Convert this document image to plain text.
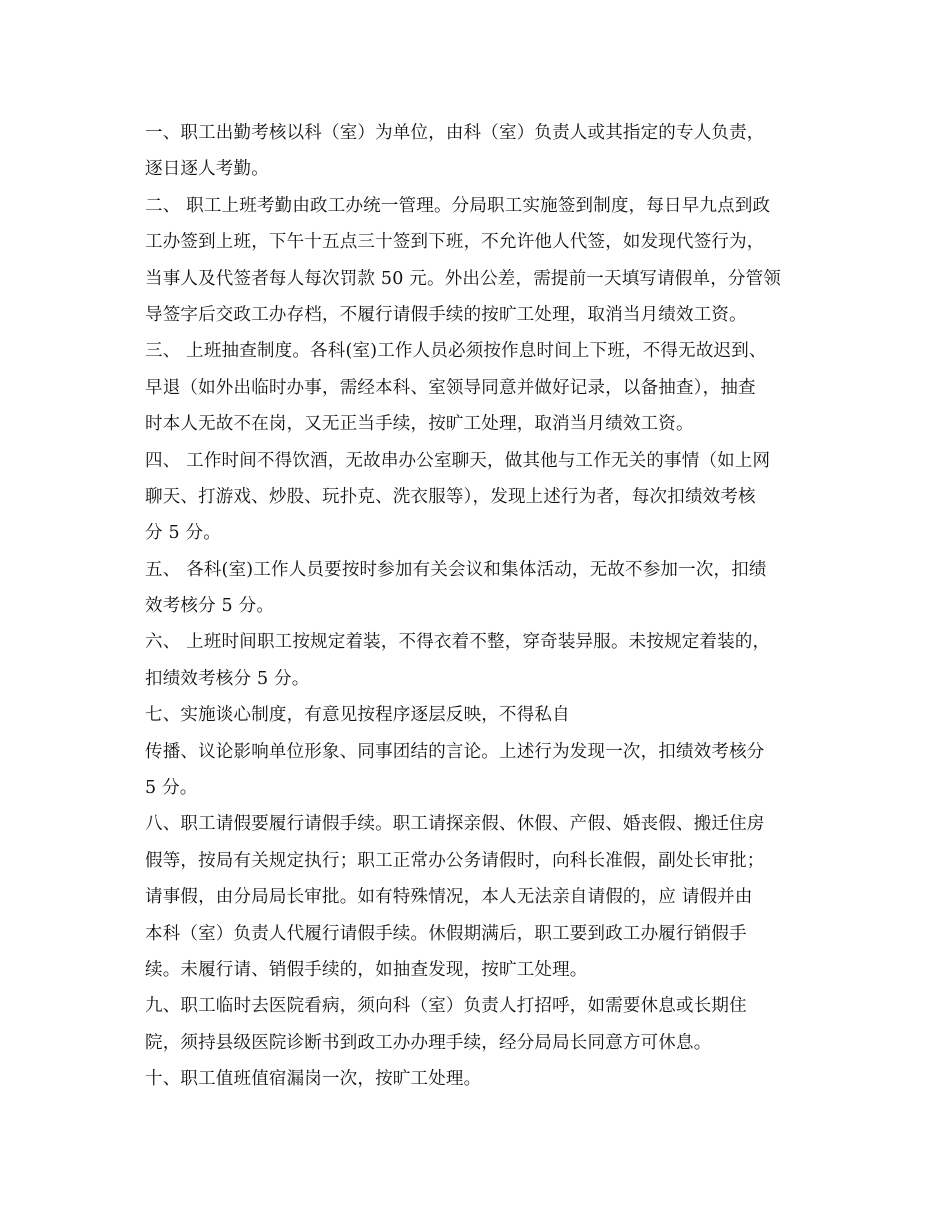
一、职工出勤考核以科（室）为单位，由科（室）负责人或其指定的专人负责，
逐日逐人考勤。
二、 职工上班考勤由政工办统一管理。分局职工实施签到制度，每日早九点到政
工办签到上班，下午十五点三十签到下班，不允许他人代签，如发现代签行为，
当事人及代签者每人每次罚款 50 元。外出公差，需提前一天填写请假单，分管领
导签字后交政工办存档，不履行请假手续的按旷工处理，取消当月绩效工资。
三、 上班抽查制度。各科(室)工作人员必须按作息时间上下班，不得无故迟到、
早退（如外出临时办事，需经本科、室领导同意并做好记录，以备抽查），抽查
时本人无故不在岗，又无正当手续，按旷工处理，取消当月绩效工资。
四、 工作时间不得饮酒，无故串办公室聊天，做其他与工作无关的事情（如上网
聊天、打游戏、炒股、玩扑克、洗衣服等），发现上述行为者，每次扣绩效考核
分 5 分。
五、 各科(室)工作人员要按时参加有关会议和集体活动，无故不参加一次，扣绩
效考核分 5 分。
六、 上班时间职工按规定着装，不得衣着不整，穿奇装异服。未按规定着装的，
扣绩效考核分 5 分。
七、实施谈心制度，有意见按程序逐层反映，不得私自
传播、议论影响单位形象、同事团结的言论。上述行为发现一次，扣绩效考核分
5 分。
八、职工请假要履行请假手续。职工请探亲假、休假、产假、婚丧假、搬迁住房
假等，按局有关规定执行；职工正常办公务请假时，向科长准假，副处长审批；
请事假，由分局局长审批。如有特殊情况，本人无法亲自请假的，应 请假并由
本科（室）负责人代履行请假手续。休假期满后，职工要到政工办履行销假手
续。未履行请、销假手续的，如抽查发现，按旷工处理。
九、职工临时去医院看病，须向科（室）负责人打招呼，如需要休息或长期住
院，须持县级医院诊断书到政工办办理手续，经分局局长同意方可休息。
十、职工值班值宿漏岗一次，按旷工处理。
